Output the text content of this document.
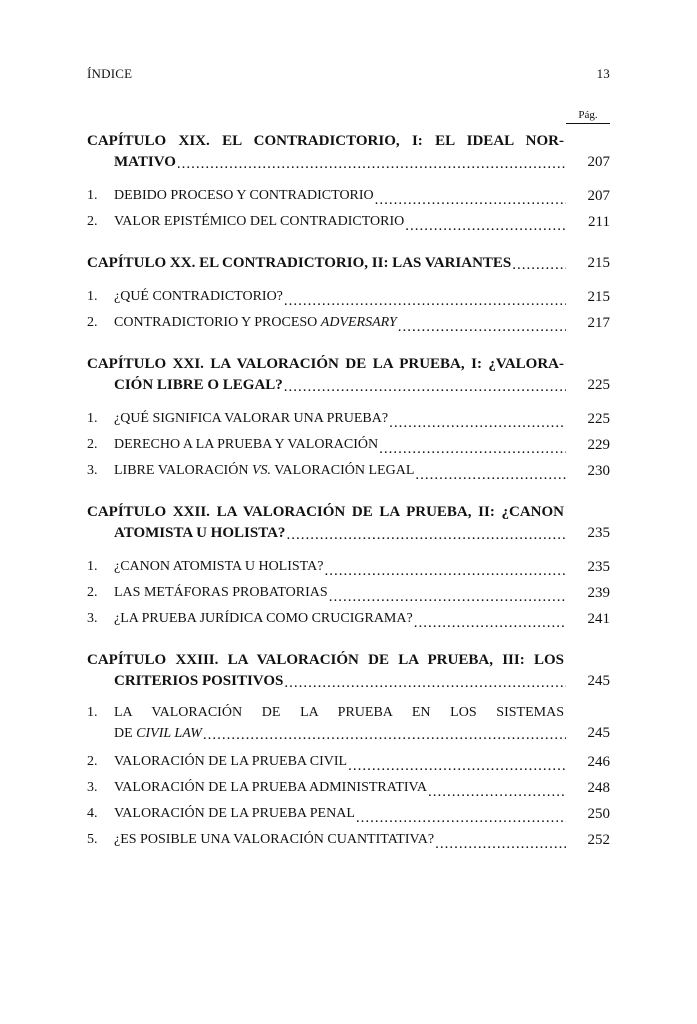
ÍNDICE	13
Pág.
CAPÍTULO XIX. EL CONTRADICTORIO, I: EL IDEAL NOR-
MATIVO .....	207
1.	DEBIDO PROCESO Y CONTRADICTORIO .....	207
2.	VALOR EPISTÉMICO DEL CONTRADICTORIO .....	211
CAPÍTULO XX. EL CONTRADICTORIO, II: LAS VARIANTES .....	215
1.	¿QUÉ CONTRADICTORIO? .....	215
2.	CONTRADICTORIO Y PROCESO ADVERSARY .....	217
CAPÍTULO XXI. LA VALORACIÓN DE LA PRUEBA, I: ¿VALORA-
CIÓN LIBRE O LEGAL? .....	225
1.	¿QUÉ SIGNIFICA VALORAR UNA PRUEBA? .....	225
2.	DERECHO A LA PRUEBA Y VALORACIÓN .....	229
3.	LIBRE VALORACIÓN VS. VALORACIÓN LEGAL .....	230
CAPÍTULO XXII. LA VALORACIÓN DE LA PRUEBA, II: ¿CANON
ATOMISTA U HOLISTA? .....	235
1.	¿CANON ATOMISTA U HOLISTA? .....	235
2.	LAS METÁFORAS PROBATORIAS .....	239
3.	¿LA PRUEBA JURÍDICA COMO CRUCIGRAMA? .....	241
CAPÍTULO XXIII. LA VALORACIÓN DE LA PRUEBA, III: LOS
CRITERIOS POSITIVOS .....	245
1.	LA VALORACIÓN DE LA PRUEBA EN LOS SISTEMAS
DE CIVIL LAW .....	245
2.	VALORACIÓN DE LA PRUEBA CIVIL .....	246
3.	VALORACIÓN DE LA PRUEBA ADMINISTRATIVA .....	248
4.	VALORACIÓN DE LA PRUEBA PENAL .....	250
5.	¿ES POSIBLE UNA VALORACIÓN CUANTITATIVA? .....	252
